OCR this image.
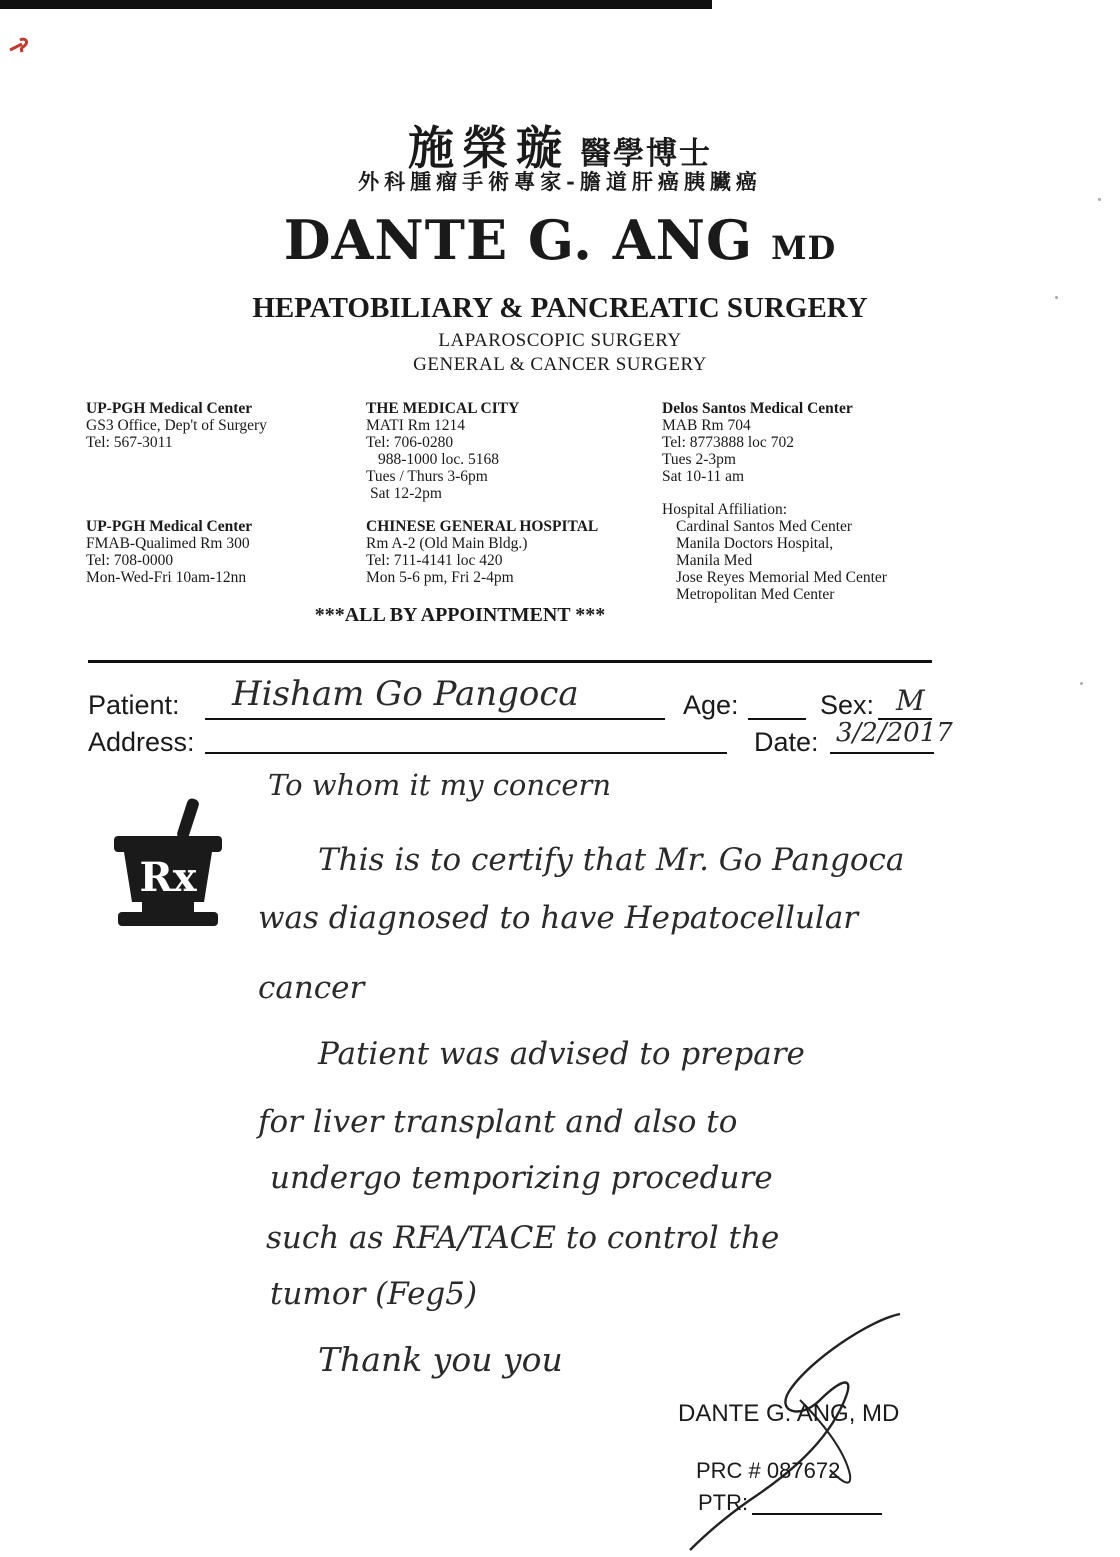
施榮璇 醫學博士
外科腫瘤手術專家-膽道肝癌胰臟癌
DANTE G. ANG MD
HEPATOBILIARY & PANCREATIC SURGERY
LAPAROSCOPIC SURGERY
GENERAL & CANCER SURGERY
UP-PGH Medical Center
GS3 Office, Dep't of Surgery
Tel: 567-3011
THE MEDICAL CITY
MATI Rm 1214
Tel: 706-0280
988-1000 loc. 5168
Tues / Thurs 3-6pm
Sat 12-2pm
Delos Santos Medical Center
MAB Rm 704
Tel: 8773888 loc 702
Tues 2-3pm
Sat 10-11 am
UP-PGH Medical Center
FMAB-Qualimed Rm 300
Tel: 708-0000
Mon-Wed-Fri 10am-12nn
CHINESE GENERAL HOSPITAL
Rm A-2 (Old Main Bldg.)
Tel: 711-4141 loc 420
Mon 5-6 pm, Fri 2-4pm
Hospital Affiliation:
Cardinal Santos Med Center
Manila Doctors Hospital,
Manila Med
Jose Reyes Memorial Med Center
Metropolitan Med Center
***ALL BY APPOINTMENT ***
Patient: Hisham Go Pangoca	Age:	Sex: M
Address:	Date: 3/2/2017
Rx
To whom it my concern
This is to certify that Mr. Go Pangoca
was diagnosed to have Hepatocellular
cancer
Patient was advised to prepare
for liver transplant and also to
undergo temporizing procedure
such as RFA/TACE to control the
tumor (Feg5)
Thank you you
DANTE G. ANG, MD
PRC # 087672
PTR:
